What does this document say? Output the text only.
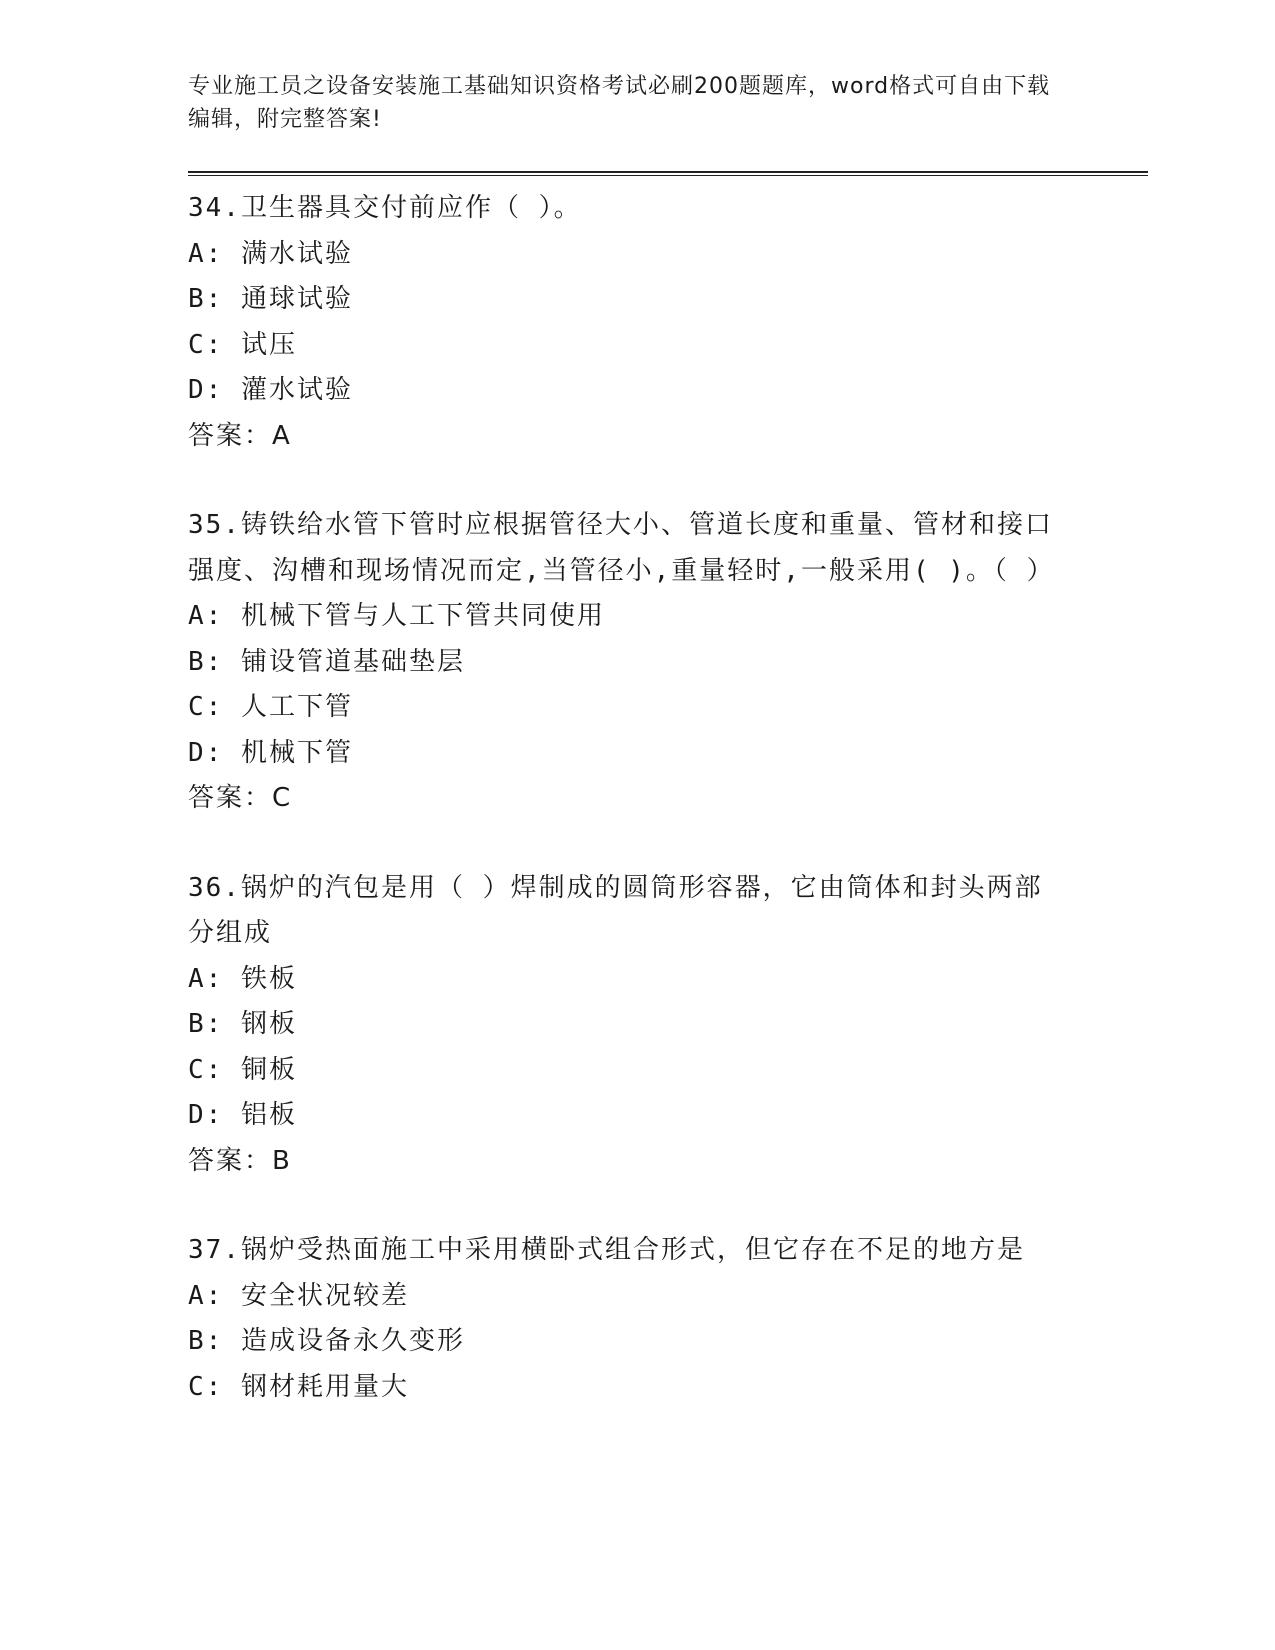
专业施工员之设备安装施工基础知识资格考试必刷200题题库，word格式可自由下载编辑，附完整答案!

34.卫生器具交付前应作（ ）。

A: 满水试验

B: 通球试验

C: 试压

D: 灌水试验

答案：A

35.铸铁给水管下管时应根据管径大小、管道长度和重量、管材和接口强度、沟槽和现场情况而定,当管径小,重量轻时,一般采用( )。（ ）

A: 机械下管与人工下管共同使用

B: 铺设管道基础垫层

C: 人工下管

D: 机械下管

答案：C

36.锅炉的汽包是用（ ）焊制成的圆筒形容器，它由筒体和封头两部分组成

A: 铁板

B: 钢板

C: 铜板

D: 铝板

答案：B

37.锅炉受热面施工中采用横卧式组合形式，但它存在不足的地方是

A: 安全状况较差

B: 造成设备永久变形

C: 钢材耗用量大
